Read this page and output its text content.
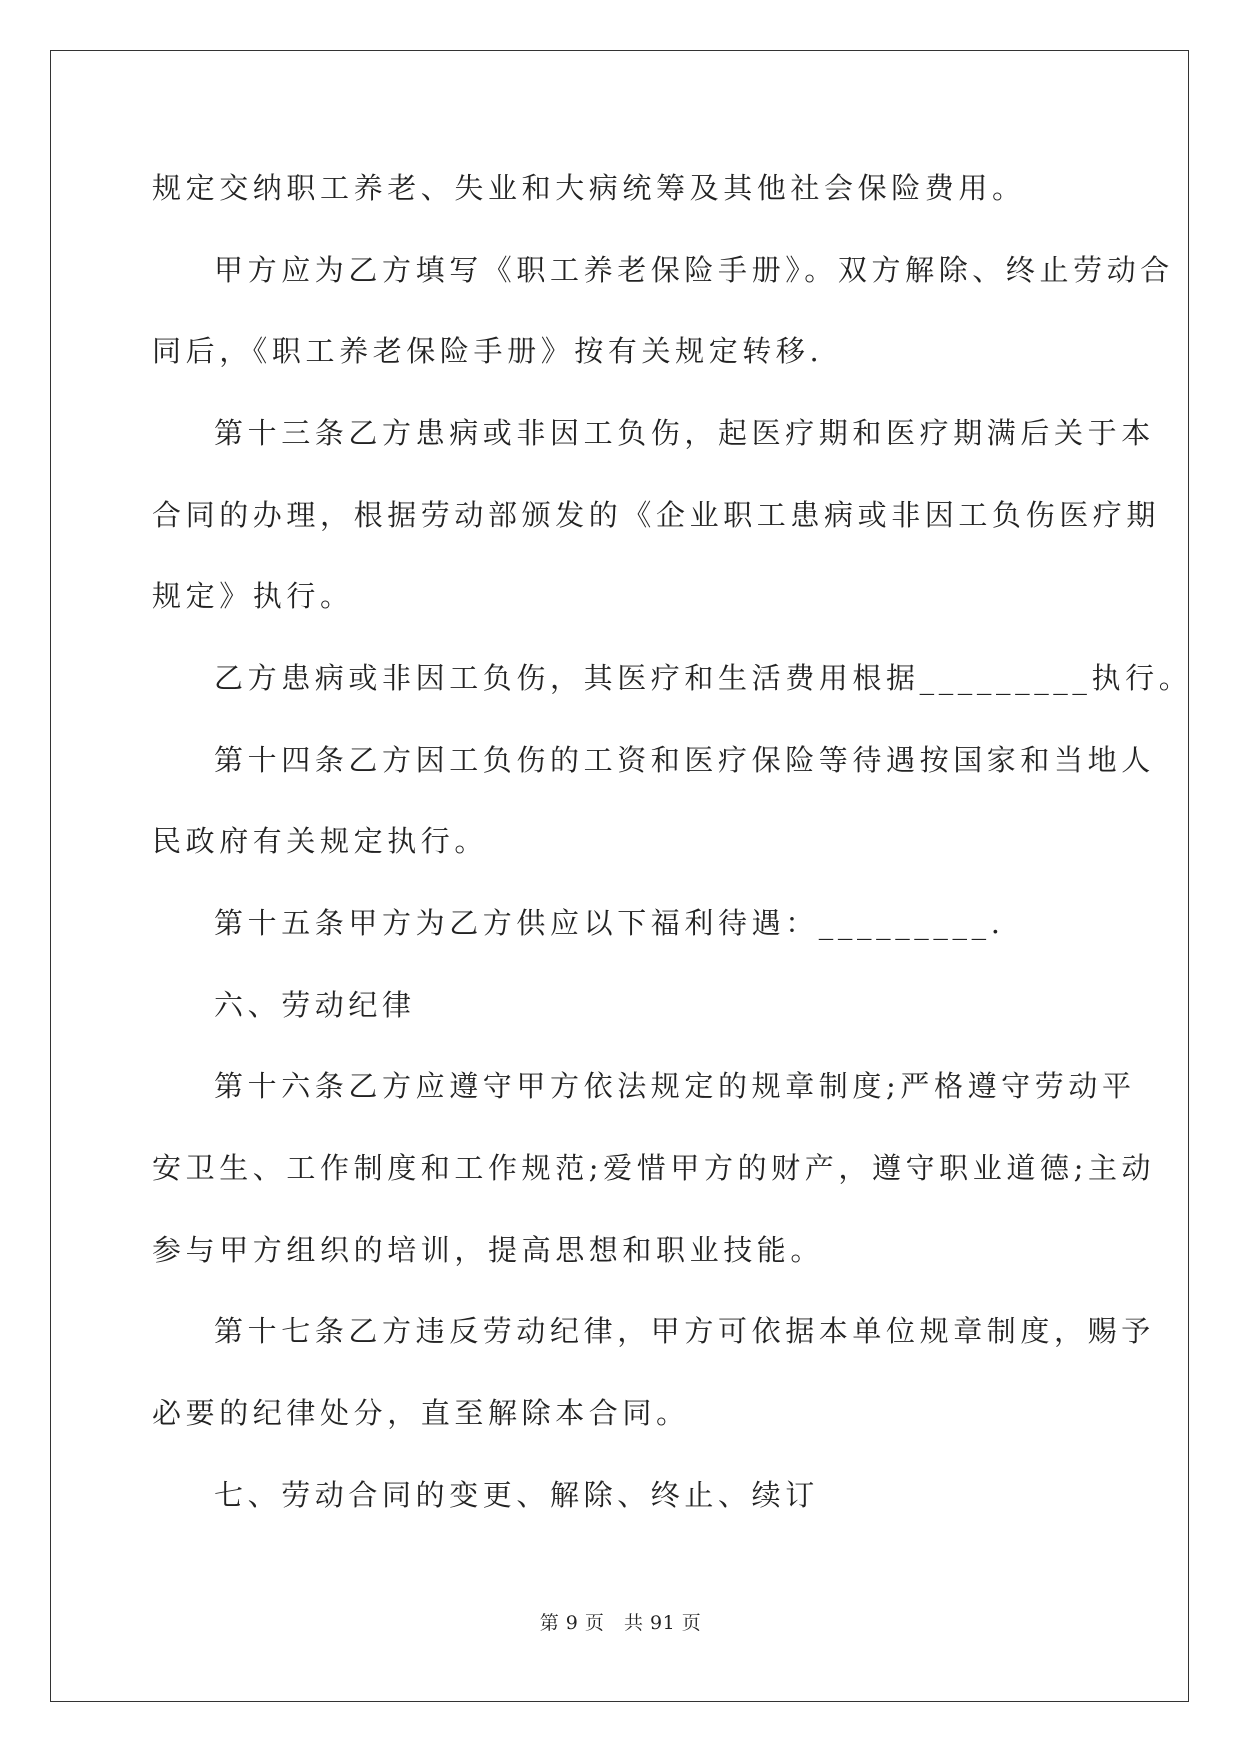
规定交纳职工养老、失业和大病统筹及其他社会保险费用。
甲方应为乙方填写《职工养老保险手册》。双方解除、终止劳动合
同后，《职工养老保险手册》按有关规定转移.
第十三条乙方患病或非因工负伤，起医疗期和医疗期满后关于本
合同的办理，根据劳动部颁发的《企业职工患病或非因工负伤医疗期
规定》执行。
乙方患病或非因工负伤，其医疗和生活费用根据_________执行。
第十四条乙方因工负伤的工资和医疗保险等待遇按国家和当地人
民政府有关规定执行。
第十五条甲方为乙方供应以下福利待遇：_________.
六、劳动纪律
第十六条乙方应遵守甲方依法规定的规章制度;严格遵守劳动平
安卫生、工作制度和工作规范;爱惜甲方的财产，遵守职业道德;主动
参与甲方组织的培训，提高思想和职业技能。
第十七条乙方违反劳动纪律，甲方可依据本单位规章制度，赐予
必要的纪律处分，直至解除本合同。
七、劳动合同的变更、解除、终止、续订
第 9 页   共 91 页
